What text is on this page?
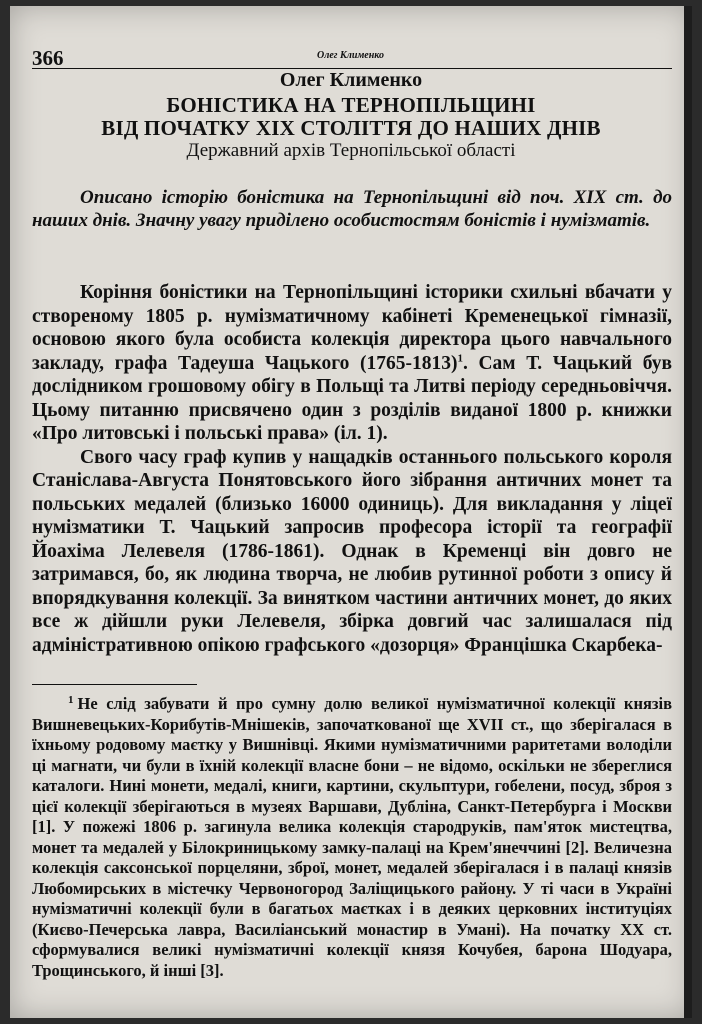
366	Олег Клименко
Олег Клименко
БОНІСТИКА НА ТЕРНОПІЛЬЩИНІ
ВІД ПОЧАТКУ XIX СТОЛІТТЯ ДО НАШИХ ДНІВ
Державний архів Тернопільської області
Описано історію боністика на Тернопільщині від поч. XIX ст. до наших днів. Значну увагу приділено особистостям боністів і нумізматів.

Коріння боністики на Тернопільщині історики схильні вбачати у створеному 1805 р. нумізматичному кабінеті Кременецької гімназії, основою якого була особиста колекція директора цього навчального закладу, графа Тадеуша Чацького (1765-1813)$^1$. Сам Т. Чацький був дослідником грошовому обігу в Польщі та Литві періоду середньовіччя. Цьому питанню присвячено один з розділів виданої 1800 р. книжки «Про литовські і польські права» (іл. 1).

Свого часу граф купив у нащадків останнього польського короля Станіслава-Августа Понятовського його зібрання античних монет та польських медалей (близько 16000 одиниць). Для викладання у ліцеї нумізматики Т. Чацький запросив професора історії та географії Йоахіма Лелевеля (1786-1861). Однак в Кременці він довго не затримався, бо, як людина творча, не любив рутинної роботи з опису й впорядкування колекції. За винятком частини античних монет, до яких все ж дійшли руки Лелевеля, збірка довгий час залишалася під адміністративною опікою графського «дозорця» Францішка Скарбека-

$^1$ Не слід забувати й про сумну долю великої нумізматичної колекції князів Вишневецьких-Корибутів-Мнішеків, започаткованої ще XVII ст., що зберігалася в їхньому родовому маєтку у Вишнівці. Якими нумізматичними раритетами володіли ці магнати, чи були в їхній колекції власне бони – не відомо, оскільки не збереглися каталоги. Нині монети, медалі, книги, картини, скульптури, гобелени, посуд, зброя з цієї колекції зберігаються в музеях Варшави, Дубліна, Санкт-Петербурга і Москви [1]. У пожежі 1806 р. загинула велика колекція стародруків, пам'яток мистецтва, монет та медалей у Білокриницькому замку-палаці на Крем'янеччині [2]. Величезна колекція саксонської порцеляни, зброї, монет, медалей зберігалася і в палаці князів Любомирських в містечку Червоногород Заліщицького району. У ті часи в Україні нумізматичні колекції були в багатьох маєтках і в деяких церковних інституціях (Києво-Печерська лавра, Василіанський монастир в Умані). На початку XX ст. сформувалися великі нумізматичні колекції князя Кочубея, барона Шодуара, Трощинського, й інші [3].
